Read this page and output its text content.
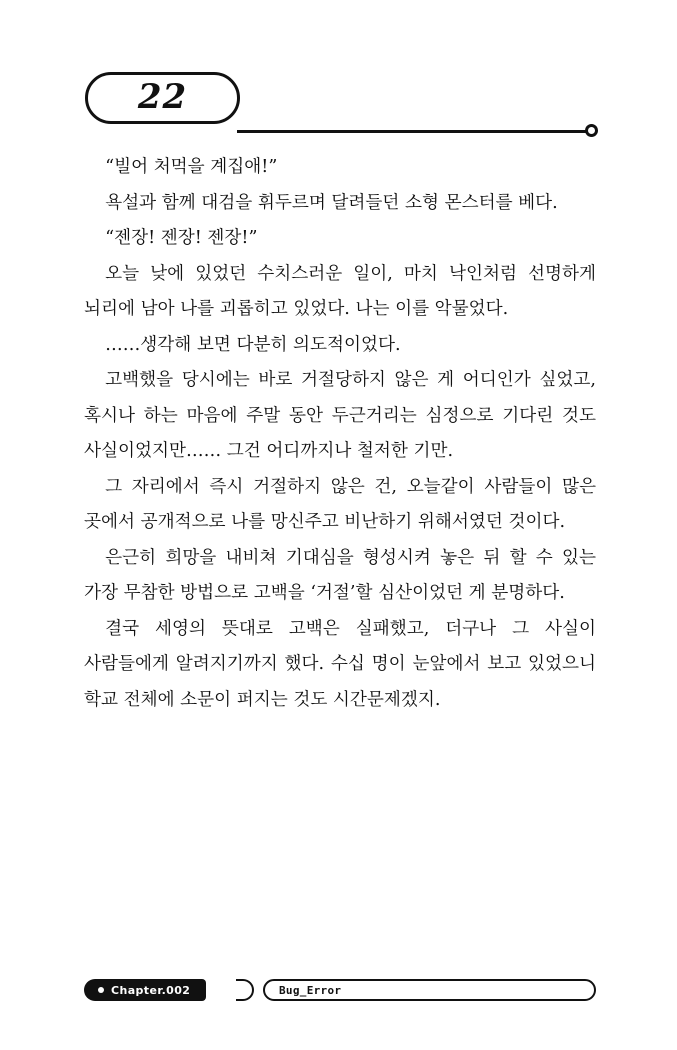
22

“빌어 처먹을 계집애!”

욕설과 함께 대검을 휘두르며 달려들던 소형 몬스터를 베다.

“젠장! 젠장! 젠장!”

오늘 낮에 있었던 수치스러운 일이, 마치 낙인처럼 선명하게 뇌리에 남아 나를 괴롭히고 있었다. 나는 이를 악물었다.

……생각해 보면 다분히 의도적이었다.

고백했을 당시에는 바로 거절당하지 않은 게 어디인가 싶었고, 혹시나 하는 마음에 주말 동안 두근거리는 심정으로 기다린 것도 사실이었지만…… 그건 어디까지나 철저한 기만.

그 자리에서 즉시 거절하지 않은 건, 오늘같이 사람들이 많은 곳에서 공개적으로 나를 망신주고 비난하기 위해서였던 것이다.

은근히 희망을 내비쳐 기대심을 형성시켜 놓은 뒤 할 수 있는 가장 무참한 방법으로 고백을 ‘거절’할 심산이었던 게 분명하다.

결국 세영의 뜻대로 고백은 실패했고, 더구나 그 사실이 사람들에게 알려지기까지 했다. 수십 명이 눈앞에서 보고 있었으니 학교 전체에 소문이 퍼지는 것도 시간문제겠지.

Chapter.002	Bug_Error
